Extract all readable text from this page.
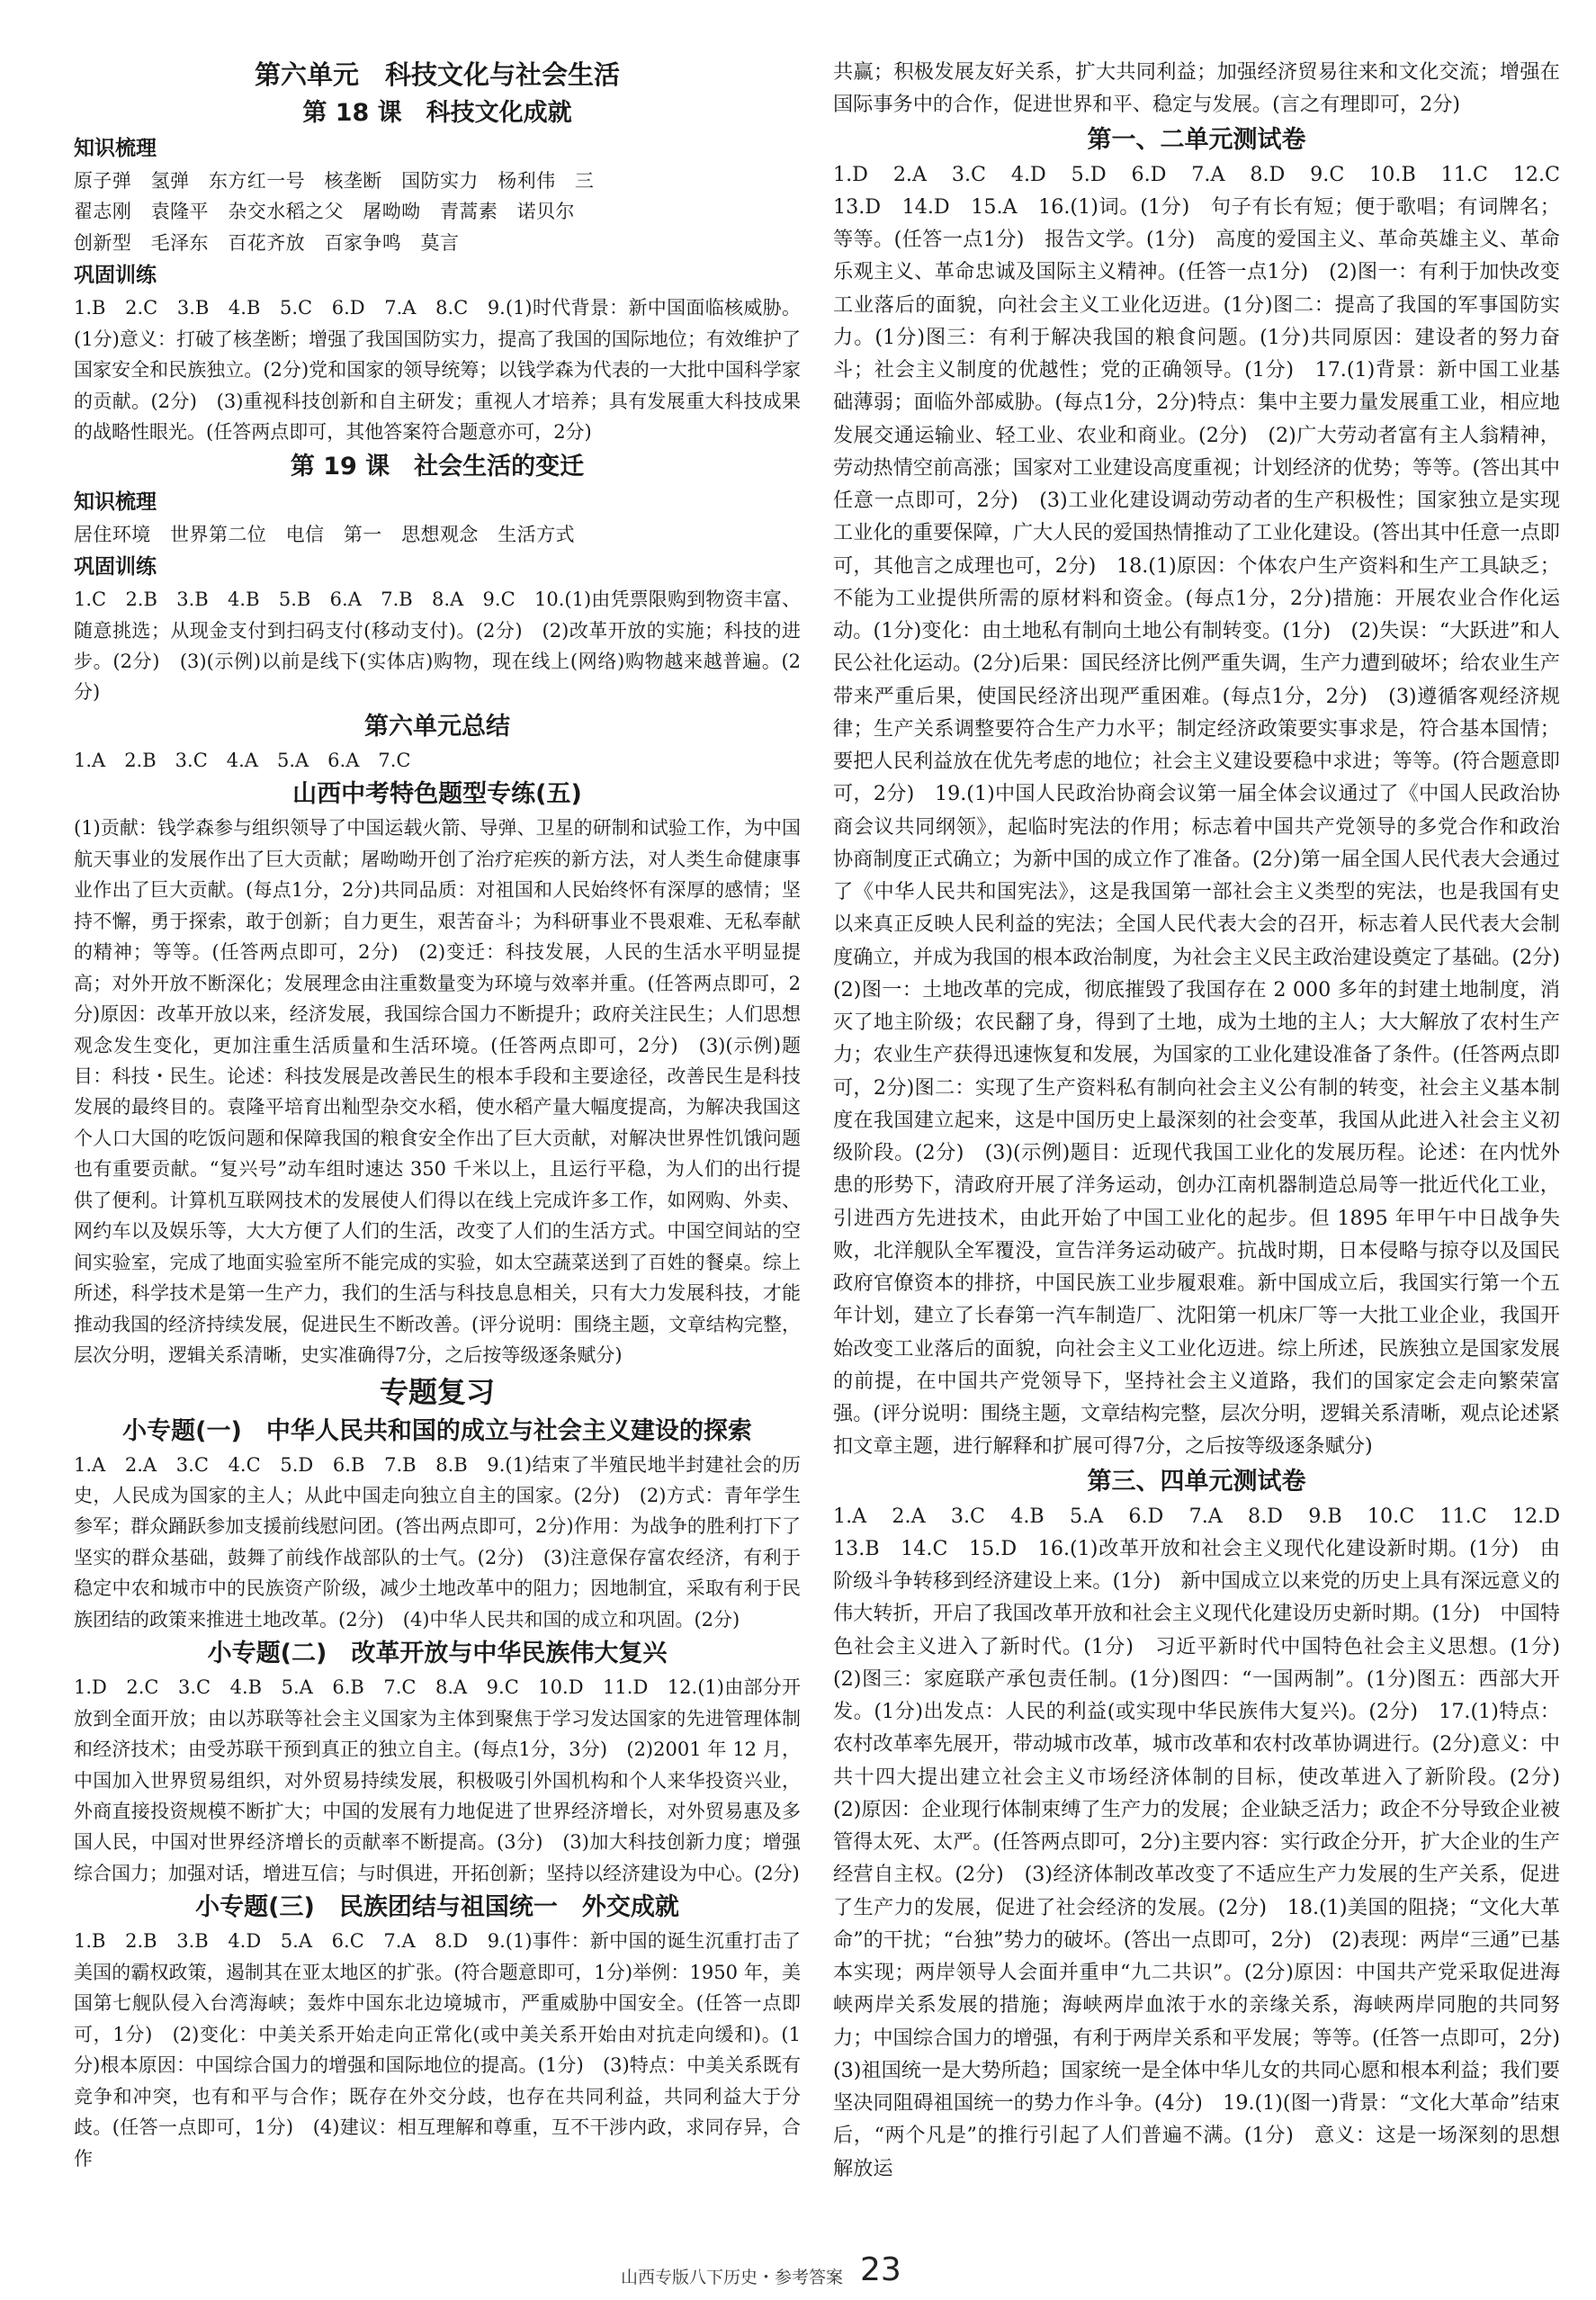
第六单元　科技文化与社会生活

第 18 课　科技文化成就

知识梳理

原子弹　氢弹　东方红一号　核垄断　国防实力　杨利伟　三

翟志刚　袁隆平　杂交水稻之父　屠呦呦　青蒿素　诺贝尔

创新型　毛泽东　百花齐放　百家争鸣　莫言

巩固训练

1.B　2.C　3.B　4.B　5.C　6.D　7.A　8.C　9.(1)时代背景：新中国面临核威胁。(1分)意义：打破了核垄断；增强了我国国防实力，提高了我国的国际地位；有效维护了国家安全和民族独立。(2分)党和国家的领导统筹；以钱学森为代表的一大批中国科学家的贡献。(2分)　(3)重视科技创新和自主研发；重视人才培养；具有发展重大科技成果的战略性眼光。(任答两点即可，其他答案符合题意亦可，2分)

第 19 课　社会生活的变迁

知识梳理

居住环境　世界第二位　电信　第一　思想观念　生活方式

巩固训练

1.C　2.B　3.B　4.B　5.B　6.A　7.B　8.A　9.C　10.(1)由凭票限购到物资丰富、随意挑选；从现金支付到扫码支付(移动支付)。(2分)　(2)改革开放的实施；科技的进步。(2分)　(3)(示例)以前是线下(实体店)购物，现在线上(网络)购物越来越普遍。(2分)

第六单元总结

1.A　2.B　3.C　4.A　5.A　6.A　7.C

山西中考特色题型专练(五)

(1)贡献：钱学森参与组织领导了中国运载火箭、导弹、卫星的研制和试验工作，为中国航天事业的发展作出了巨大贡献；屠呦呦开创了治疗疟疾的新方法，对人类生命健康事业作出了巨大贡献。(每点1分，2分)共同品质：对祖国和人民始终怀有深厚的感情；坚持不懈，勇于探索，敢于创新；自力更生，艰苦奋斗；为科研事业不畏艰难、无私奉献的精神；等等。(任答两点即可，2分)　(2)变迁：科技发展，人民的生活水平明显提高；对外开放不断深化；发展理念由注重数量变为环境与效率并重。(任答两点即可，2分)原因：改革开放以来，经济发展，我国综合国力不断提升；政府关注民生；人们思想观念发生变化，更加注重生活质量和生活环境。(任答两点即可，2分)　(3)(示例)题目：科技・民生。论述：科技发展是改善民生的根本手段和主要途径，改善民生是科技发展的最终目的。袁隆平培育出籼型杂交水稻，使水稻产量大幅度提高，为解决我国这个人口大国的吃饭问题和保障我国的粮食安全作出了巨大贡献，对解决世界性饥饿问题也有重要贡献。“复兴号”动车组时速达 350 千米以上，且运行平稳，为人们的出行提供了便利。计算机互联网技术的发展使人们得以在线上完成许多工作，如网购、外卖、网约车以及娱乐等，大大方便了人们的生活，改变了人们的生活方式。中国空间站的空间实验室，完成了地面实验室所不能完成的实验，如太空蔬菜送到了百姓的餐桌。综上所述，科学技术是第一生产力，我们的生活与科技息息相关，只有大力发展科技，才能推动我国的经济持续发展，促进民生不断改善。(评分说明：围绕主题，文章结构完整，层次分明，逻辑关系清晰，史实准确得7分，之后按等级逐条赋分)

专题复习

小专题(一)　中华人民共和国的成立与社会主义建设的探索

1.A　2.A　3.C　4.C　5.D　6.B　7.B　8.B　9.(1)结束了半殖民地半封建社会的历史，人民成为国家的主人；从此中国走向独立自主的国家。(2分)　(2)方式：青年学生参军；群众踊跃参加支援前线慰问团。(答出两点即可，2分)作用：为战争的胜利打下了坚实的群众基础，鼓舞了前线作战部队的士气。(2分)　(3)注意保存富农经济，有利于稳定中农和城市中的民族资产阶级，减少土地改革中的阻力；因地制宜，采取有利于民族团结的政策来推进土地改革。(2分)　(4)中华人民共和国的成立和巩固。(2分)

小专题(二)　改革开放与中华民族伟大复兴

1.D　2.C　3.C　4.B　5.A　6.B　7.C　8.A　9.C　10.D　11.D　12.(1)由部分开放到全面开放；由以苏联等社会主义国家为主体到聚焦于学习发达国家的先进管理体制和经济技术；由受苏联干预到真正的独立自主。(每点1分，3分)　(2)2001 年 12 月，中国加入世界贸易组织，对外贸易持续发展，积极吸引外国机构和个人来华投资兴业，外商直接投资规模不断扩大；中国的发展有力地促进了世界经济增长，对外贸易惠及多国人民，中国对世界经济增长的贡献率不断提高。(3分)　(3)加大科技创新力度；增强综合国力；加强对话，增进互信；与时俱进，开拓创新；坚持以经济建设为中心。(2分)

小专题(三)　民族团结与祖国统一　外交成就

1.B　2.B　3.B　4.D　5.A　6.C　7.A　8.D　9.(1)事件：新中国的诞生沉重打击了美国的霸权政策，遏制其在亚太地区的扩张。(符合题意即可，1分)举例：1950 年，美国第七舰队侵入台湾海峡；轰炸中国东北边境城市，严重威胁中国安全。(任答一点即可，1分)　(2)变化：中美关系开始走向正常化(或中美关系开始由对抗走向缓和)。(1分)根本原因：中国综合国力的增强和国际地位的提高。(1分)　(3)特点：中美关系既有竞争和冲突，也有和平与合作；既存在外交分歧，也存在共同利益，共同利益大于分歧。(任答一点即可，1分)　(4)建议：相互理解和尊重，互不干涉内政，求同存异，合作

共赢；积极发展友好关系，扩大共同利益；加强经济贸易往来和文化交流；增强在国际事务中的合作，促进世界和平、稳定与发展。(言之有理即可，2分)

第一、二单元测试卷

1.D　2.A　3.C　4.D　5.D　6.D　7.A　8.D　9.C　10.B　11.C　12.C　13.D　14.D　15.A　16.(1)词。(1分)　句子有长有短；便于歌唱；有词牌名；等等。(任答一点1分)　报告文学。(1分)　高度的爱国主义、革命英雄主义、革命乐观主义、革命忠诚及国际主义精神。(任答一点1分)　(2)图一：有利于加快改变工业落后的面貌，向社会主义工业化迈进。(1分)图二：提高了我国的军事国防实力。(1分)图三：有利于解决我国的粮食问题。(1分)共同原因：建设者的努力奋斗；社会主义制度的优越性；党的正确领导。(1分)　17.(1)背景：新中国工业基础薄弱；面临外部威胁。(每点1分，2分)特点：集中主要力量发展重工业，相应地发展交通运输业、轻工业、农业和商业。(2分)　(2)广大劳动者富有主人翁精神，劳动热情空前高涨；国家对工业建设高度重视；计划经济的优势；等等。(答出其中任意一点即可，2分)　(3)工业化建设调动劳动者的生产积极性；国家独立是实现工业化的重要保障，广大人民的爱国热情推动了工业化建设。(答出其中任意一点即可，其他言之成理也可，2分)　18.(1)原因：个体农户生产资料和生产工具缺乏；不能为工业提供所需的原材料和资金。(每点1分，2分)措施：开展农业合作化运动。(1分)变化：由土地私有制向土地公有制转变。(1分)　(2)失误：“大跃进”和人民公社化运动。(2分)后果：国民经济比例严重失调，生产力遭到破坏；给农业生产带来严重后果，使国民经济出现严重困难。(每点1分，2分)　(3)遵循客观经济规律；生产关系调整要符合生产力水平；制定经济政策要实事求是，符合基本国情；要把人民利益放在优先考虑的地位；社会主义建设要稳中求进；等等。(符合题意即可，2分)　19.(1)中国人民政治协商会议第一届全体会议通过了《中国人民政治协商会议共同纲领》，起临时宪法的作用；标志着中国共产党领导的多党合作和政治协商制度正式确立；为新中国的成立作了准备。(2分)第一届全国人民代表大会通过了《中华人民共和国宪法》，这是我国第一部社会主义类型的宪法，也是我国有史以来真正反映人民利益的宪法；全国人民代表大会的召开，标志着人民代表大会制度确立，并成为我国的根本政治制度，为社会主义民主政治建设奠定了基础。(2分)　(2)图一：土地改革的完成，彻底摧毁了我国存在 2 000 多年的封建土地制度，消灭了地主阶级；农民翻了身，得到了土地，成为土地的主人；大大解放了农村生产力；农业生产获得迅速恢复和发展，为国家的工业化建设准备了条件。(任答两点即可，2分)图二：实现了生产资料私有制向社会主义公有制的转变，社会主义基本制度在我国建立起来，这是中国历史上最深刻的社会变革，我国从此进入社会主义初级阶段。(2分)　(3)(示例)题目：近现代我国工业化的发展历程。论述：在内忧外患的形势下，清政府开展了洋务运动，创办江南机器制造总局等一批近代化工业，引进西方先进技术，由此开始了中国工业化的起步。但 1895 年甲午中日战争失败，北洋舰队全军覆没，宣告洋务运动破产。抗战时期，日本侵略与掠夺以及国民政府官僚资本的排挤，中国民族工业步履艰难。新中国成立后，我国实行第一个五年计划，建立了长春第一汽车制造厂、沈阳第一机床厂等一大批工业企业，我国开始改变工业落后的面貌，向社会主义工业化迈进。综上所述，民族独立是国家发展的前提，在中国共产党领导下，坚持社会主义道路，我们的国家定会走向繁荣富强。(评分说明：围绕主题，文章结构完整，层次分明，逻辑关系清晰，观点论述紧扣文章主题，进行解释和扩展可得7分，之后按等级逐条赋分)

第三、四单元测试卷

1.A　2.A　3.C　4.B　5.A　6.D　7.A　8.D　9.B　10.C　11.C　12.D　13.B　14.C　15.D　16.(1)改革开放和社会主义现代化建设新时期。(1分)　由阶级斗争转移到经济建设上来。(1分)　新中国成立以来党的历史上具有深远意义的伟大转折，开启了我国改革开放和社会主义现代化建设历史新时期。(1分)　中国特色社会主义进入了新时代。(1分)　习近平新时代中国特色社会主义思想。(1分)　(2)图三：家庭联产承包责任制。(1分)图四：“一国两制”。(1分)图五：西部大开发。(1分)出发点：人民的利益(或实现中华民族伟大复兴)。(2分)　17.(1)特点：农村改革率先展开，带动城市改革，城市改革和农村改革协调进行。(2分)意义：中共十四大提出建立社会主义市场经济体制的目标，使改革进入了新阶段。(2分)　(2)原因：企业现行体制束缚了生产力的发展；企业缺乏活力；政企不分导致企业被管得太死、太严。(任答两点即可，2分)主要内容：实行政企分开，扩大企业的生产经营自主权。(2分)　(3)经济体制改革改变了不适应生产力发展的生产关系，促进了生产力的发展，促进了社会经济的发展。(2分)　18.(1)美国的阻挠；“文化大革命”的干扰；“台独”势力的破坏。(答出一点即可，2分)　(2)表现：两岸“三通”已基本实现；两岸领导人会面并重申“九二共识”。(2分)原因：中国共产党采取促进海峡两岸关系发展的措施；海峡两岸血浓于水的亲缘关系，海峡两岸同胞的共同努力；中国综合国力的增强，有利于两岸关系和平发展；等等。(任答一点即可，2分)　(3)祖国统一是大势所趋；国家统一是全体中华儿女的共同心愿和根本利益；我们要坚决同阻碍祖国统一的势力作斗争。(4分)　19.(1)(图一)背景：“文化大革命”结束后，“两个凡是”的推行引起了人们普遍不满。(1分)　意义：这是一场深刻的思想解放运

山西专版八下历史・参考答案 23
